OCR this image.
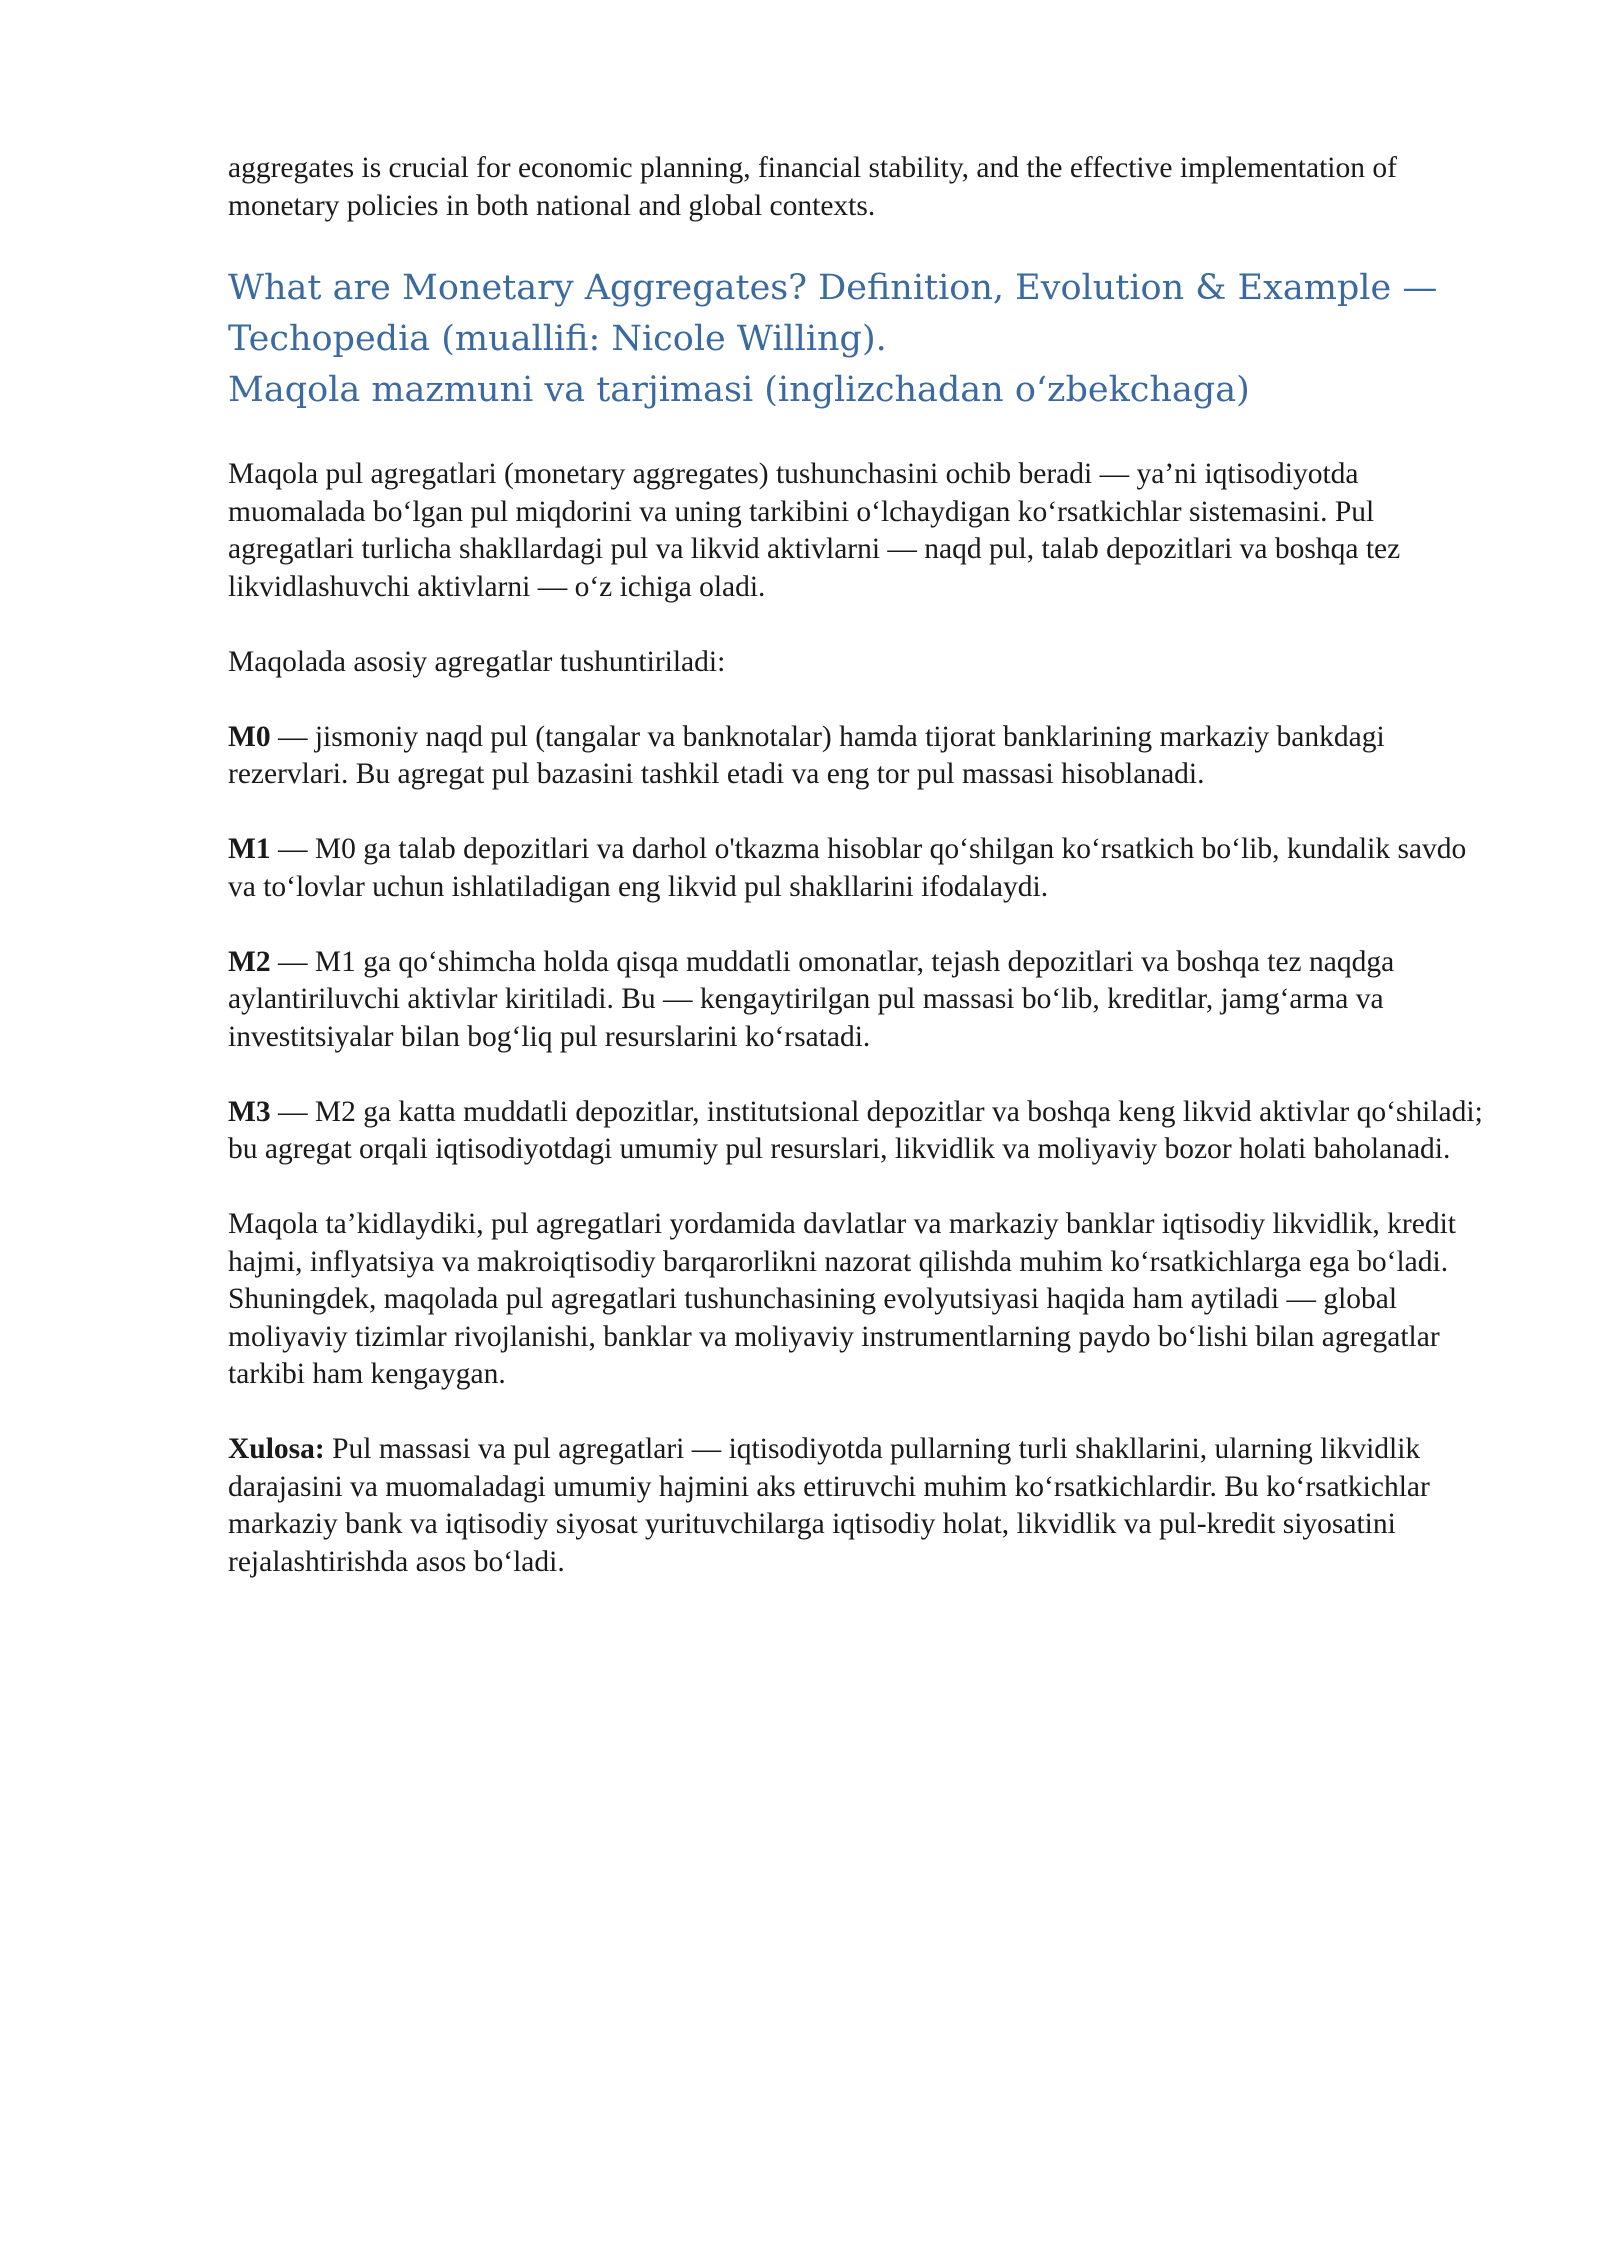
aggregates is crucial for economic planning, financial stability, and the effective implementation of monetary policies in both national and global contexts.

What are Monetary Aggregates? Definition, Evolution & Example —
Techopedia (muallifi: Nicole Willing).
Maqola mazmuni va tarjimasi (inglizchadan o‘zbekchaga)

Maqola pul agregatlari (monetary aggregates) tushunchasini ochib beradi — ya’ni iqtisodiyotda muomalada bo‘lgan pul miqdorini va uning tarkibini o‘lchaydigan ko‘rsatkichlar sistemasini. Pul agregatlari turlicha shakllardagi pul va likvid aktivlarni — naqd pul, talab depozitlari va boshqa tez likvidlashuvchi aktivlarni — o‘z ichiga oladi.

Maqolada asosiy agregatlar tushuntiriladi:

M0 — jismoniy naqd pul (tangalar va banknotalar) hamda tijorat banklarining markaziy bankdagi rezervlari. Bu agregat pul bazasini tashkil etadi va eng tor pul massasi hisoblanadi.

M1 — M0 ga talab depozitlari va darhol o'tkazma hisoblar qo‘shilgan ko‘rsatkich bo‘lib, kundalik savdo va to‘lovlar uchun ishlatiladigan eng likvid pul shakllarini ifodalaydi.

M2 — M1 ga qo‘shimcha holda qisqa muddatli omonatlar, tejash depozitlari va boshqa tez naqdga aylantiriluvchi aktivlar kiritiladi. Bu — kengaytirilgan pul massasi bo‘lib, kreditlar, jamg‘arma va investitsiyalar bilan bog‘liq pul resurslarini ko‘rsatadi.

M3 — M2 ga katta muddatli depozitlar, institutsional depozitlar va boshqa keng likvid aktivlar qo‘shiladi; bu agregat orqali iqtisodiyotdagi umumiy pul resurslari, likvidlik va moliyaviy bozor holati baholanadi.

Maqola ta’kidlaydiki, pul agregatlari yordamida davlatlar va markaziy banklar iqtisodiy likvidlik, kredit hajmi, inflyatsiya va makroiqtisodiy barqarorlikni nazorat qilishda muhim ko‘rsatkichlarga ega bo‘ladi. Shuningdek, maqolada pul agregatlari tushunchasining evolyutsiyasi haqida ham aytiladi — global moliyaviy tizimlar rivojlanishi, banklar va moliyaviy instrumentlarning paydo bo‘lishi bilan agregatlar tarkibi ham kengaygan.

Xulosa: Pul massasi va pul agregatlari — iqtisodiyotda pullarning turli shakllarini, ularning likvidlik darajasini va muomaladagi umumiy hajmini aks ettiruvchi muhim ko‘rsatkichlardir. Bu ko‘rsatkichlar markaziy bank va iqtisodiy siyosat yurituvchilarga iqtisodiy holat, likvidlik va pul-kredit siyosatini rejalashtirishda asos bo‘ladi.
